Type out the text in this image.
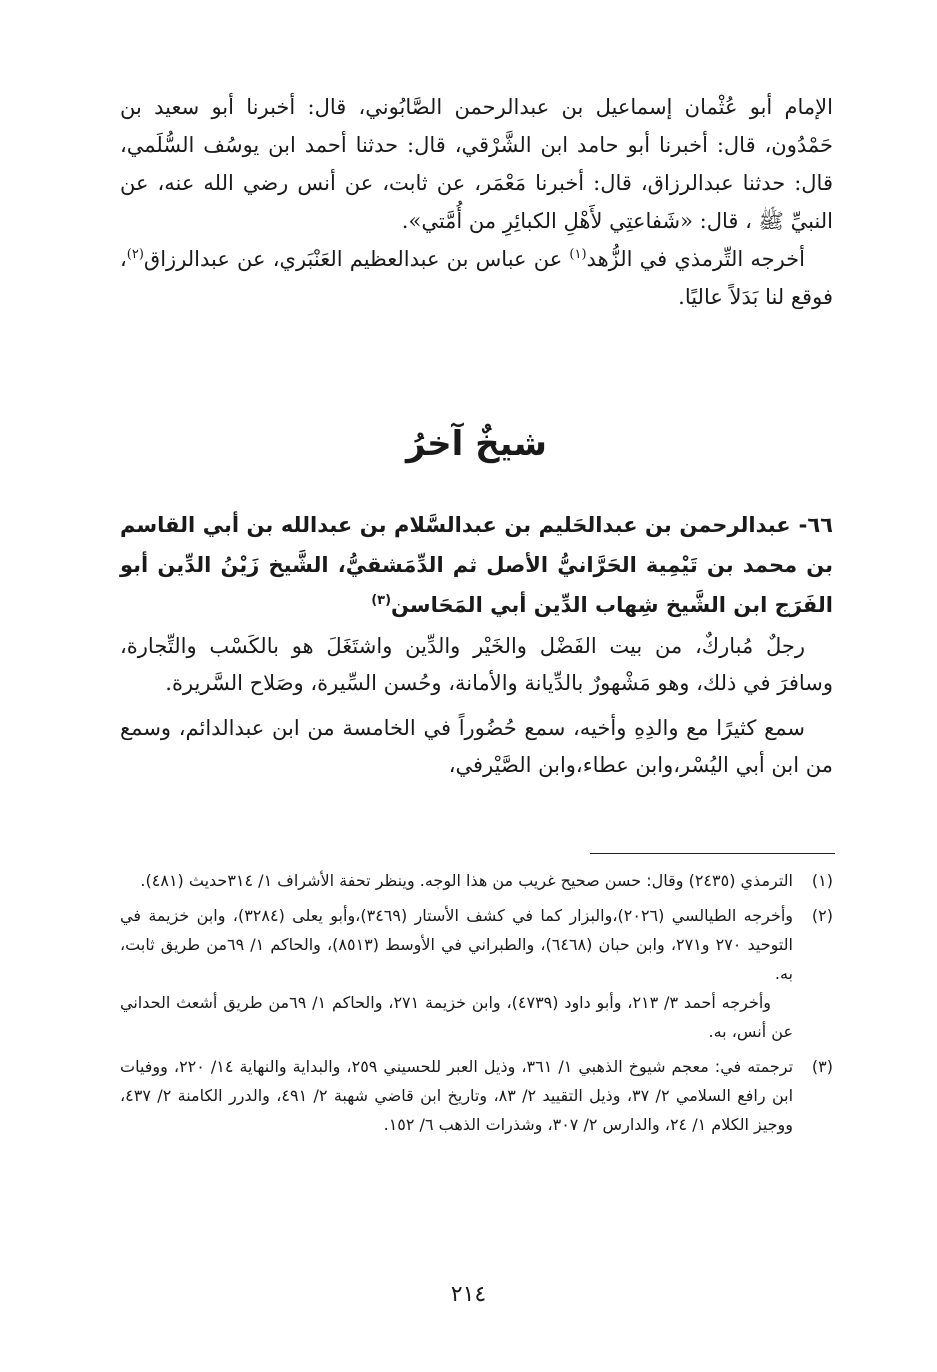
الإمام أبو عُثْمان إسماعيل بن عبدالرحمن الصَّابُوني، قال: أخبرنا أبو سعيد بن حَمْدُون، قال: أخبرنا أبو حامد ابن الشَّرْقي، قال: حدثنا أحمد ابن يوسُف السُّلَمي، قال: حدثنا عبدالرزاق، قال: أخبرنا مَعْمَر، عن ثابت، عن أنس رضي الله عنه، عن النبيِّ ﷺ ، قال: «شَفاعتِي لأَهْلِ الكبائِرِ من أُمَّتي».

أخرجه التِّرمذي في الزُّهد$^{(١)}$ عن عباس بن عبدالعظيم العَنْبَري، عن عبدالرزاق$^{(٢)}$، فوقع لنا بَدَلاً عاليًا.

شيخٌ آخرُ
٦٦-عبدالرحمن بن عبدالحَليم بن عبدالسَّلام بن عبدالله بن أبي القاسم بن محمد بن تَيْمِية الحَرَّانيُّ الأصل ثم الدِّمَشقيُّ، الشَّيخ زَيْنُ الدِّين أبو الفَرَج ابن الشَّيخ شِهاب الدِّين أبي المَحَاسن$^{(٣)}$

رجلٌ مُباركٌ، من بيت الفَضْل والخَيْر والدِّين واشتَغَلَ هو بالكَسْب والتِّجارة، وسافرَ في ذلك، وهو مَشْهورٌ بالدِّيانة والأمانة، وحُسن السِّيرة، وصَلاح السَّريرة.

سمع كثيرًا مع والدِهِ وأخيه، سمع حُضُوراً في الخامسة من ابن عبدالدائم، وسمع من ابن أبي اليُسْر،وابن عطاء،وابن الصَّيْرفي،

(١)

الترمذي (٢٤٣٥) وقال: حسن صحيح غريب من هذا الوجه. وينظر تحفة الأشراف ١/ ٣١٤حديث (٤٨١).

(٢)

وأخرجه الطيالسي (٢٠٢٦)،والبزار كما في كشف الأستار (٣٤٦٩)،وأبو يعلى (٣٢٨٤)، وابن خزيمة في التوحيد ٢٧٠ و٢٧١، وابن حبان (٦٤٦٨)، والطبراني في الأوسط (٨٥١٣)، والحاكم ١/ ٦٩من طريق ثابت، به.

وأخرجه أحمد ٣/ ٢١٣، وأبو داود (٤٧٣٩)، وابن خزيمة ٢٧١، والحاكم ١/ ٦٩من طريق أشعث الحداني عن أنس، به.

(٣)

ترجمته في: معجم شيوخ الذهبي ١/ ٣٦١، وذيل العبر للحسيني ٢٥٩، والبداية والنهاية ١٤/ ٢٢٠، ووفيات ابن رافع السلامي ٢/ ٣٧، وذيل التقييد ٢/ ٨٣، وتاريخ ابن قاضي شهبة ٢/ ٤٩١، والدرر الكامنة ٢/ ٤٣٧، ووجيز الكلام ١/ ٢٤، والدارس ٢/ ٣٠٧، وشذرات الذهب ٦/ ١٥٢.

٢١٤
